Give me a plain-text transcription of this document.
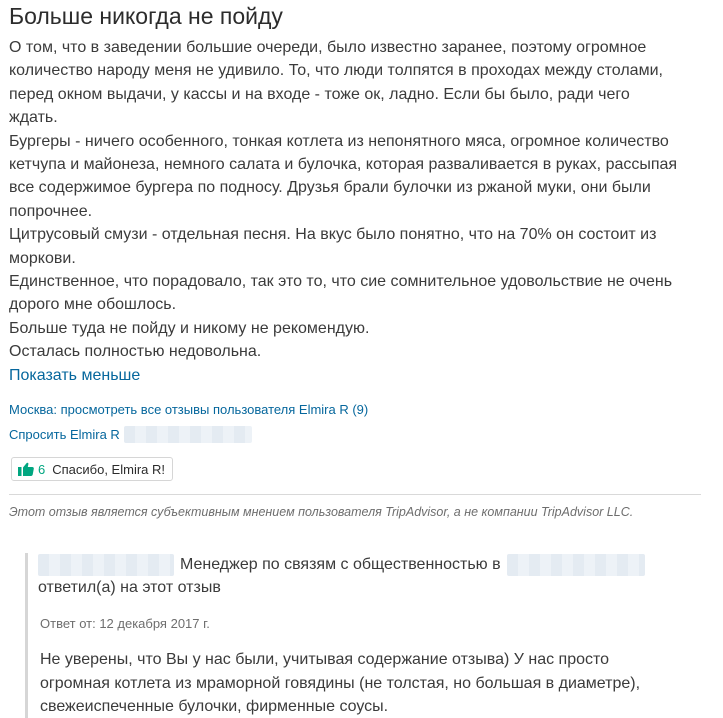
Больше никогда не пойду
О том, что в заведении большие очереди, было известно заранее, поэтому огромное
количество народу меня не удивило. То, что люди толпятся в проходах между столами,
перед окном выдачи, у кассы и на входе - тоже ок, ладно. Если бы было, ради чего
ждать.
Бургеры - ничего особенного, тонкая котлета из непонятного мяса, огромное количество
кетчупа и майонеза, немного салата и булочка, которая разваливается в руках, рассыпая
все содержимое бургера по подносу. Друзья брали булочки из ржаной муки, они были
попрочнее.
Цитрусовый смузи - отдельная песня. На вкус было понятно, что на 70% он состоит из
моркови.
Единственное, что порадовало, так это то, что сие сомнительное удовольствие не очень
дорого мне обошлось.
Больше туда не пойду и никому не рекомендую.
Осталась полностью недовольна.
Показать меньше
Москва: просмотреть все отзывы пользователя Elmira R (9)
Спросить Elmira R
6 Спасибо, Elmira R!
Этот отзыв является субъективным мнением пользователя TripAdvisor, а не компании TripAdvisor LLC.
Менеджер по связям с общественностью в
ответил(а) на этот отзыв
Ответ от: 12 декабря 2017 г.
Не уверены, что Вы у нас были, учитывая содержание отзыва) У нас просто
огромная котлета из мраморной говядины (не толстая, но большая в диаметре),
свежеиспеченные булочки, фирменные соусы.
